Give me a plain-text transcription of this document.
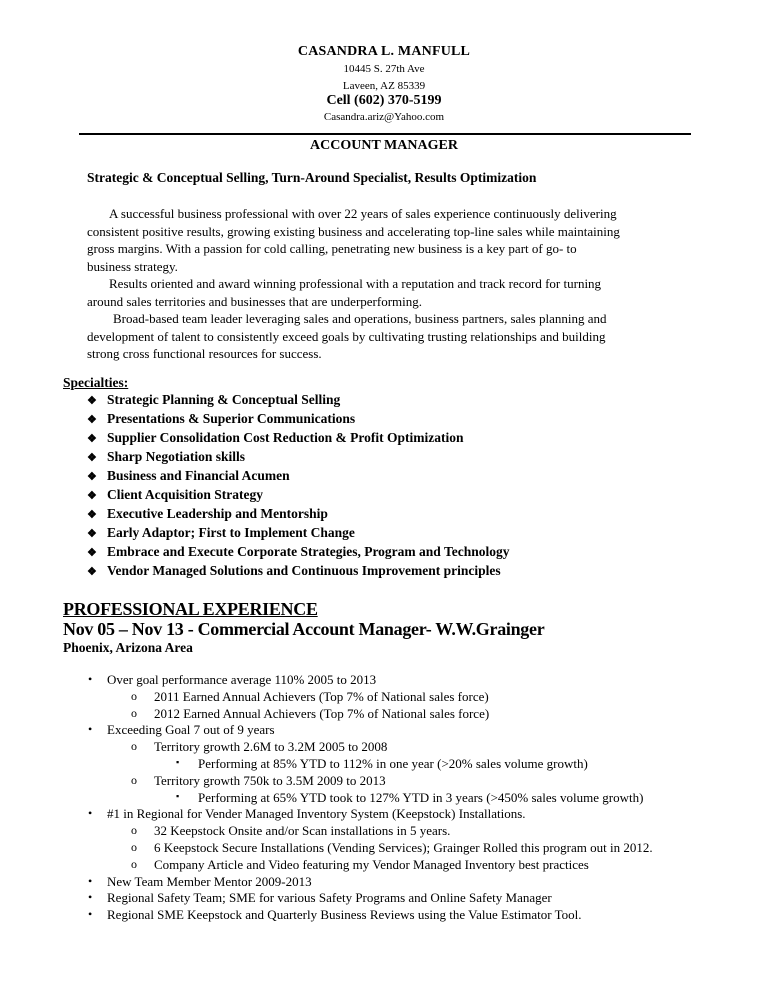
CASANDRA L. MANFULL
10445 S. 27th Ave
Laveen, AZ 85339
Cell (602) 370-5199
Casandra.ariz@Yahoo.com
ACCOUNT MANAGER
Strategic & Conceptual Selling, Turn-Around Specialist, Results Optimization

A successful business professional with over 22 years of sales experience continuously delivering

consistent positive results, growing existing business and accelerating top-line sales while maintaining

gross margins. With a passion for cold calling, penetrating new business is a key part of go- to

business strategy.

Results oriented and award winning professional with a reputation and track record for turning

around sales territories and businesses that are underperforming.

Broad-based team leader leveraging sales and operations, business partners, sales planning and

development of talent to consistently exceed goals by cultivating trusting relationships and building

strong cross functional resources for success.

Specialties:
❖ Strategic Planning & Conceptual Selling
❖ Presentations & Superior Communications
❖ Supplier Consolidation Cost Reduction & Profit Optimization
❖ Sharp Negotiation skills
❖ Business and Financial Acumen
❖ Client Acquisition Strategy
❖ Executive Leadership and Mentorship
❖ Early Adaptor; First to Implement Change
❖ Embrace and Execute Corporate Strategies, Program and Technology
❖ Vendor Managed Solutions and Continuous Improvement principles
PROFESSIONAL EXPERIENCE
Nov 05 – Nov 13 - Commercial Account Manager- W.W.Grainger
Phoenix, Arizona Area
• Over goal performance average 110% 2005 to 2013
o 2011 Earned Annual Achievers (Top 7% of National sales force)
o 2012 Earned Annual Achievers (Top 7% of National sales force)
• Exceeding Goal 7 out of 9 years
o Territory growth 2.6M to 3.2M 2005 to 2008
▪ Performing at 85% YTD to 112% in one year (>20% sales volume growth)
o Territory growth 750k to 3.5M 2009 to 2013
▪ Performing at 65% YTD took to 127% YTD in 3 years (>450% sales volume growth)
• #1 in Regional for Vender Managed Inventory System (Keepstock) Installations.
o 32 Keepstock Onsite and/or Scan installations in 5 years.
o 6 Keepstock Secure Installations (Vending Services); Grainger Rolled this program out in 2012.
o Company Article and Video featuring my Vendor Managed Inventory best practices
• New Team Member Mentor 2009-2013
• Regional Safety Team; SME for various Safety Programs and Online Safety Manager
• Regional SME Keepstock and Quarterly Business Reviews using the Value Estimator Tool.
